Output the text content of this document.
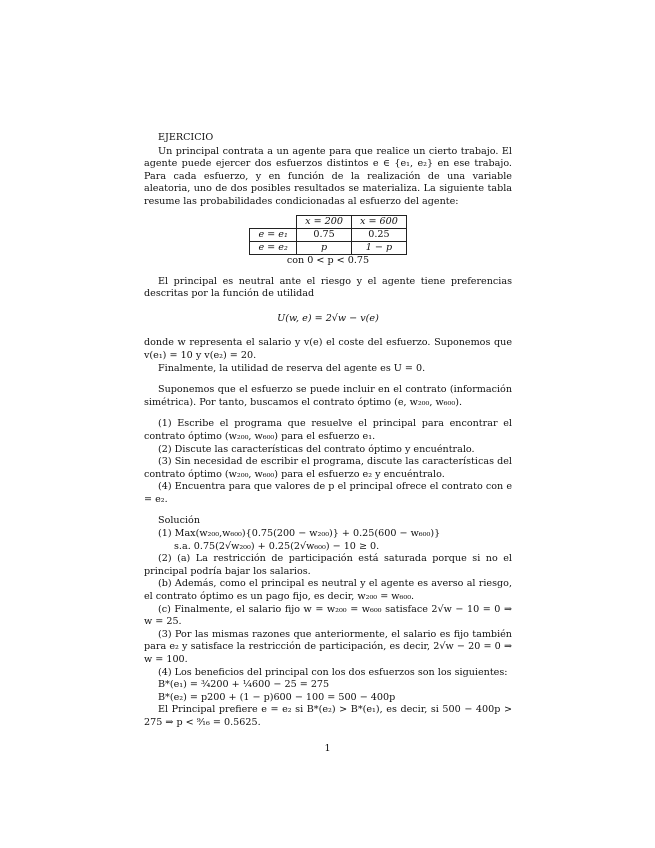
EJERCICIO

Un principal contrata a un agente para que realice un cierto trabajo. El agente puede ejercer dos esfuerzos distintos e ∈ {e₁, e₂} en ese trabajo. Para cada esfuerzo, y en función de la realización de una variable aleatoria, uno de dos posibles resultados se materializa. La siguiente tabla resume las probabilidades condicionadas al esfuerzo del agente:

	x = 200	x = 600
e = e₁	0.75	0.25
e = e₂	p	1 − p
con 0 < p < 0.75

El principal es neutral ante el riesgo y el agente tiene preferencias descritas por la función de utilidad

U(w, e) = 2√w − v(e)

donde w representa el salario y v(e) el coste del esfuerzo. Suponemos que v(e₁) = 10 y v(e₂) = 20.

Finalmente, la utilidad de reserva del agente es U = 0.

Suponemos que el esfuerzo se puede incluir en el contrato (información simétrica). Por tanto, buscamos el contrato óptimo (e, w₂₀₀, w₆₀₀).

(1) Escribe el programa que resuelve el principal para encontrar el contrato óptimo (w₂₀₀, w₆₀₀) para el esfuerzo e₁.

(2) Discute las características del contrato óptimo y encuéntralo.

(3) Sin necesidad de escribir el programa, discute las características del contrato óptimo (w₂₀₀, w₆₀₀) para el esfuerzo e₂ y encuéntralo.

(4) Encuentra para que valores de p el principal ofrece el contrato con e = e₂.

Solución

(1) Max(w₂₀₀,w₆₀₀){0.75(200 − w₂₀₀)} + 0.25(600 − w₆₀₀)}

s.a. 0.75(2√w₂₀₀) + 0.25(2√w₆₀₀) − 10 ≥ 0.

(2) (a) La restricción de participación está saturada porque si no el principal podría bajar los salarios.

(b) Además, como el principal es neutral y el agente es averso al riesgo, el contrato óptimo es un pago fijo, es decir, w₂₀₀ = w₆₀₀.

(c) Finalmente, el salario fijo w = w₂₀₀ = w₆₀₀ satisface 2√w − 10 = 0 ⇒ w = 25.

(3) Por las mismas razones que anteriormente, el salario es fijo también para e₂ y satisface la restricción de participación, es decir, 2√w − 20 = 0 ⇒ w = 100.

(4) Los beneficios del principal con los dos esfuerzos son los siguientes:

B*(e₁) = ³⁄₄200 + ¹⁄₄600 − 25 = 275

B*(e₂) = p200 + (1 − p)600 − 100 = 500 − 400p

El Principal prefiere e = e₂ si B*(e₂) > B*(e₁), es decir, si 500 − 400p > 275 ⇒ p < ⁹⁄₁₆ = 0.5625.

1
